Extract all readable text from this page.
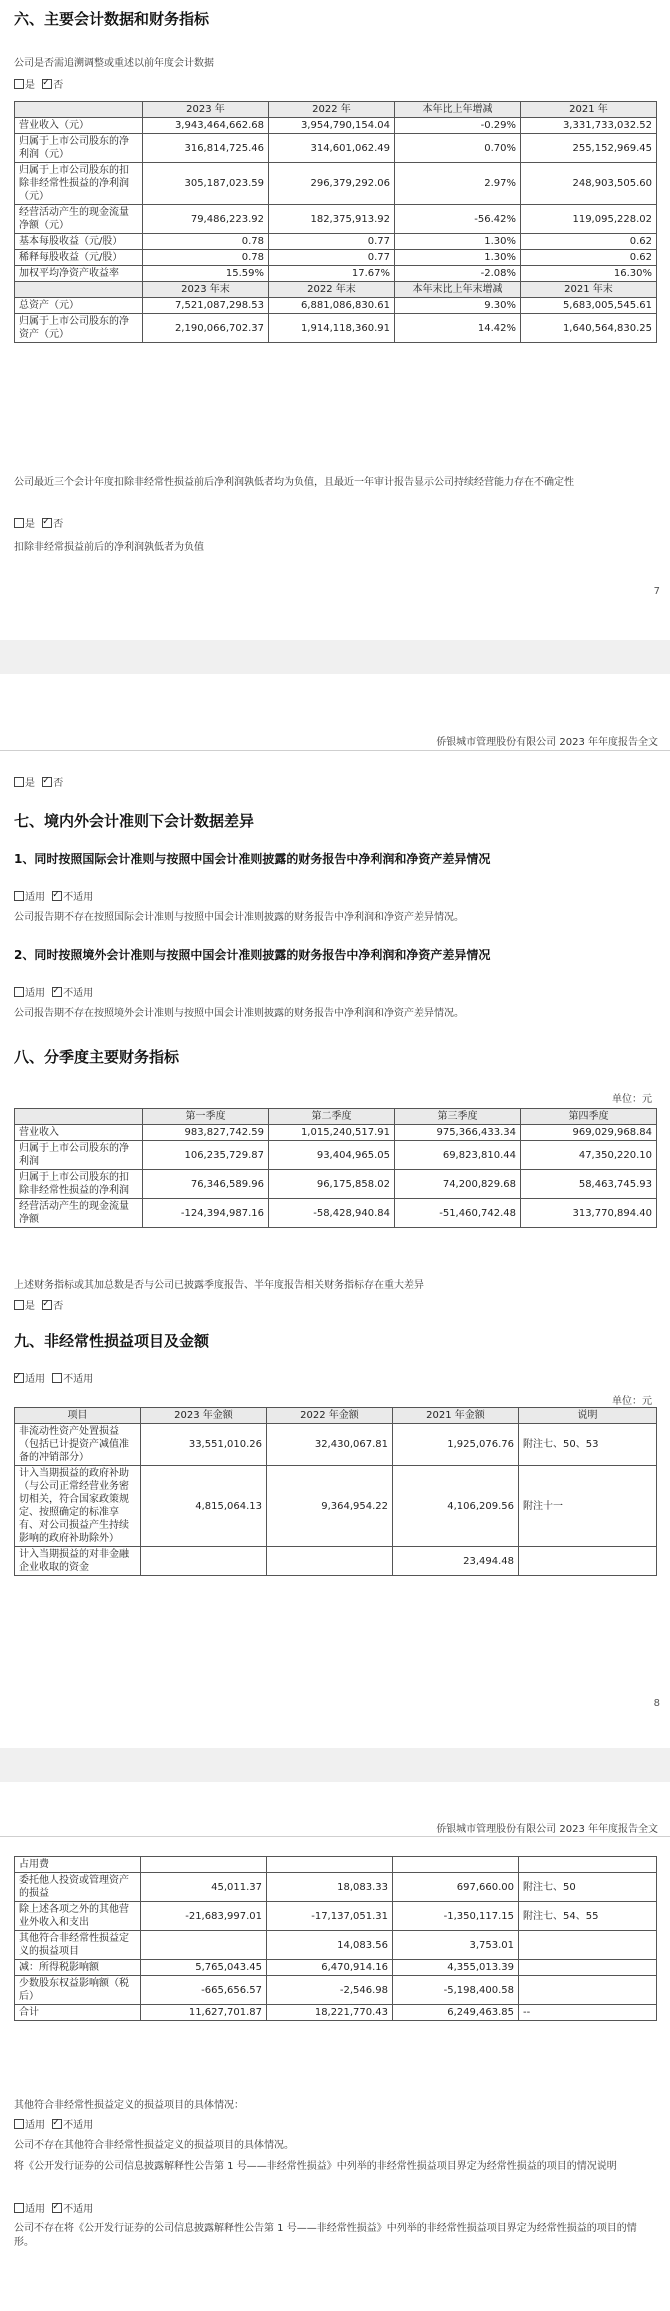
六、主要会计数据和财务指标
公司是否需追溯调整或重述以前年度会计数据
是 ✓ 否
	2023 年	2022 年	本年比上年增减	2021 年
营业收入（元）	3,943,464,662.68	3,954,790,154.04	-0.29%	3,331,733,032.52
归属于上市公司股东的净利润（元）	316,814,725.46	314,601,062.49	0.70%	255,152,969.45
归属于上市公司股东的扣除非经常性损益的净利润（元）	305,187,023.59	296,379,292.06	2.97%	248,903,505.60
经营活动产生的现金流量净额（元）	79,486,223.92	182,375,913.92	-56.42%	119,095,228.02
基本每股收益（元/股）	0.78	0.77	1.30%	0.62
稀释每股收益（元/股）	0.78	0.77	1.30%	0.62
加权平均净资产收益率	15.59%	17.67%	-2.08%	16.30%
	2023 年末	2022 年末	本年末比上年末增减	2021 年末
总资产（元）	7,521,087,298.53	6,881,086,830.61	9.30%	5,683,005,545.61
归属于上市公司股东的净资产（元）	2,190,066,702.37	1,914,118,360.91	14.42%	1,640,564,830.25
公司最近三个会计年度扣除非经常性损益前后净利润孰低者均为负值，且最近一年审计报告显示公司持续经营能力存在不确定性
是 ✓ 否
扣除非经常损益前后的净利润孰低者为负值
7
侨银城市管理股份有限公司 2023 年年度报告全文
是 ✓ 否
七、境内外会计准则下会计数据差异
1、同时按照国际会计准则与按照中国会计准则披露的财务报告中净利润和净资产差异情况
适用 ✓ 不适用
公司报告期不存在按照国际会计准则与按照中国会计准则披露的财务报告中净利润和净资产差异情况。
2、同时按照境外会计准则与按照中国会计准则披露的财务报告中净利润和净资产差异情况
适用 ✓ 不适用
公司报告期不存在按照境外会计准则与按照中国会计准则披露的财务报告中净利润和净资产差异情况。
八、分季度主要财务指标
单位：元
	第一季度	第二季度	第三季度	第四季度
营业收入	983,827,742.59	1,015,240,517.91	975,366,433.34	969,029,968.84
归属于上市公司股东的净利润	106,235,729.87	93,404,965.05	69,823,810.44	47,350,220.10
归属于上市公司股东的扣除非经常性损益的净利润	76,346,589.96	96,175,858.02	74,200,829.68	58,463,745.93
经营活动产生的现金流量净额	-124,394,987.16	-58,428,940.84	-51,460,742.48	313,770,894.40
上述财务指标或其加总数是否与公司已披露季度报告、半年度报告相关财务指标存在重大差异
是 ✓ 否
九、非经常性损益项目及金额
✓适用 不适用
单位：元
项目	2023 年金额	2022 年金额	2021 年金额	说明
非流动性资产处置损益（包括已计提资产减值准备的冲销部分）	33,551,010.26	32,430,067.81	1,925,076.76	附注七、50、53
计入当期损益的政府补助（与公司正常经营业务密切相关，符合国家政策规定、按照确定的标准享有、对公司损益产生持续影响的政府补助除外）	4,815,064.13	9,364,954.22	4,106,209.56	附注十一
计入当期损益的对非金融企业收取的资金			23,494.48	
8
侨银城市管理股份有限公司 2023 年年度报告全文
占用费				
委托他人投资或管理资产的损益	45,011.37	18,083.33	697,660.00	附注七、50
除上述各项之外的其他营业外收入和支出	-21,683,997.01	-17,137,051.31	-1,350,117.15	附注七、54、55
其他符合非经常性损益定义的损益项目		14,083.56	3,753.01	
减：所得税影响额	5,765,043.45	6,470,914.16	4,355,013.39	
少数股东权益影响额（税后）	-665,656.57	-2,546.98	-5,198,400.58	
合计	11,627,701.87	18,221,770.43	6,249,463.85	--
其他符合非经常性损益定义的损益项目的具体情况：
适用 ✓ 不适用
公司不存在其他符合非经常性损益定义的损益项目的具体情况。
将《公开发行证券的公司信息披露解释性公告第 1 号——非经常性损益》中列举的非经常性损益项目界定为经常性损益的项目的情况说明
适用 ✓ 不适用
公司不存在将《公开发行证券的公司信息披露解释性公告第 1 号——非经常性损益》中列举的非经常性损益项目界定为经常性损益的项目的情形。
